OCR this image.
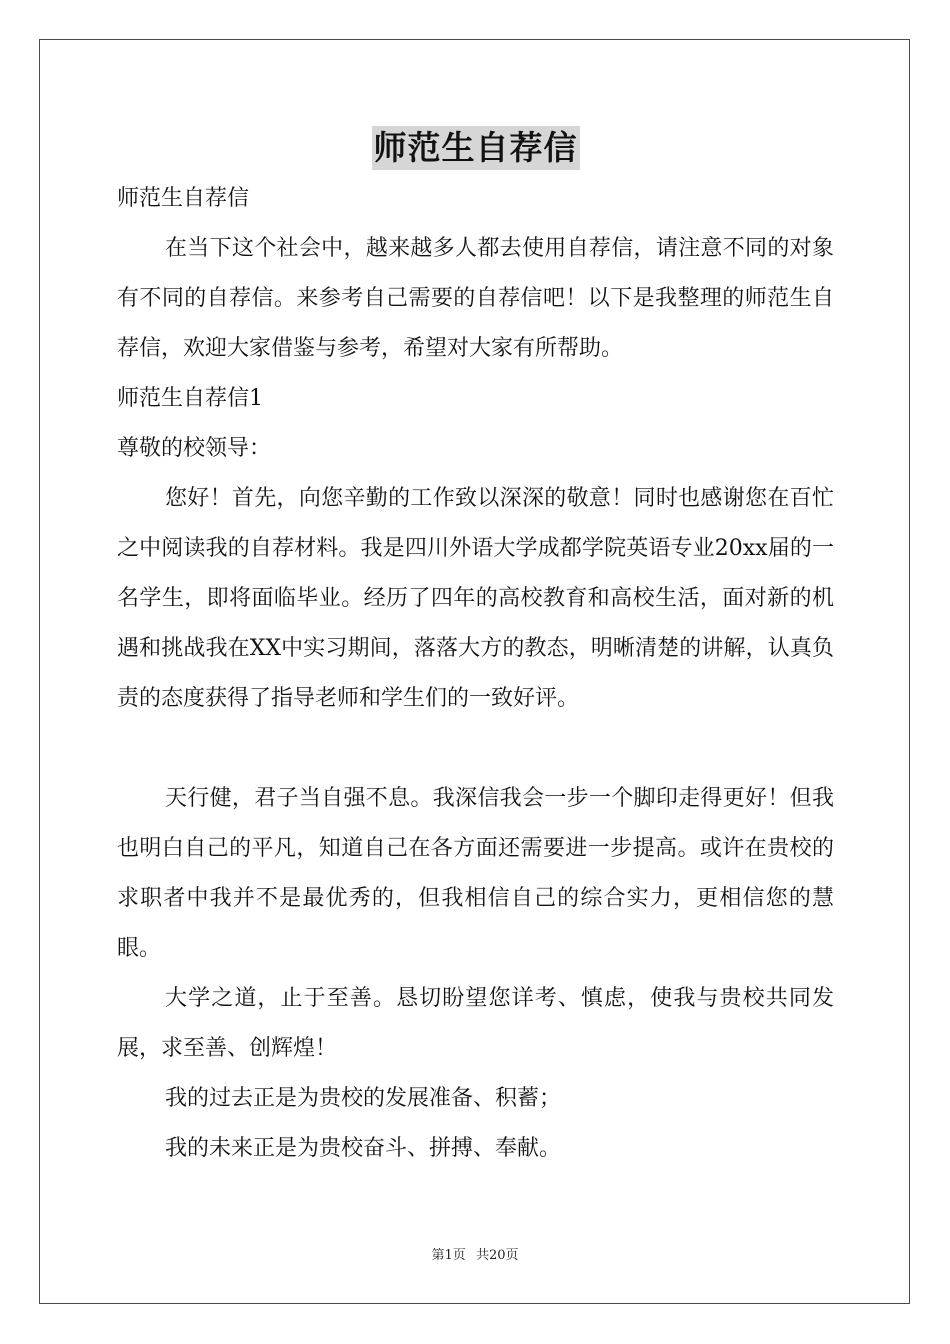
师范生自荐信

师范生自荐信

在当下这个社会中，越来越多人都去使用自荐信，请注意不同的对象有不同的自荐信。来参考自己需要的自荐信吧！以下是我整理的师范生自荐信，欢迎大家借鉴与参考，希望对大家有所帮助。

师范生自荐信1

尊敬的校领导：

您好！首先，向您辛勤的工作致以深深的敬意！同时也感谢您在百忙之中阅读我的自荐材料。我是四川外语大学成都学院英语专业20xx届的一名学生，即将面临毕业。经历了四年的高校教育和高校生活，面对新的机遇和挑战我在XX中实习期间，落落大方的教态，明晰清楚的讲解，认真负责的态度获得了指导老师和学生们的一致好评。

天行健，君子当自强不息。我深信我会一步一个脚印走得更好！但我也明白自己的平凡，知道自己在各方面还需要进一步提高。或许在贵校的求职者中我并不是最优秀的，但我相信自己的综合实力，更相信您的慧眼。

大学之道，止于至善。恳切盼望您详考、慎虑，使我与贵校共同发展，求至善、创辉煌！

我的过去正是为贵校的发展准备、积蓄；

我的未来正是为贵校奋斗、拼搏、奉献。

第1页 共20页
